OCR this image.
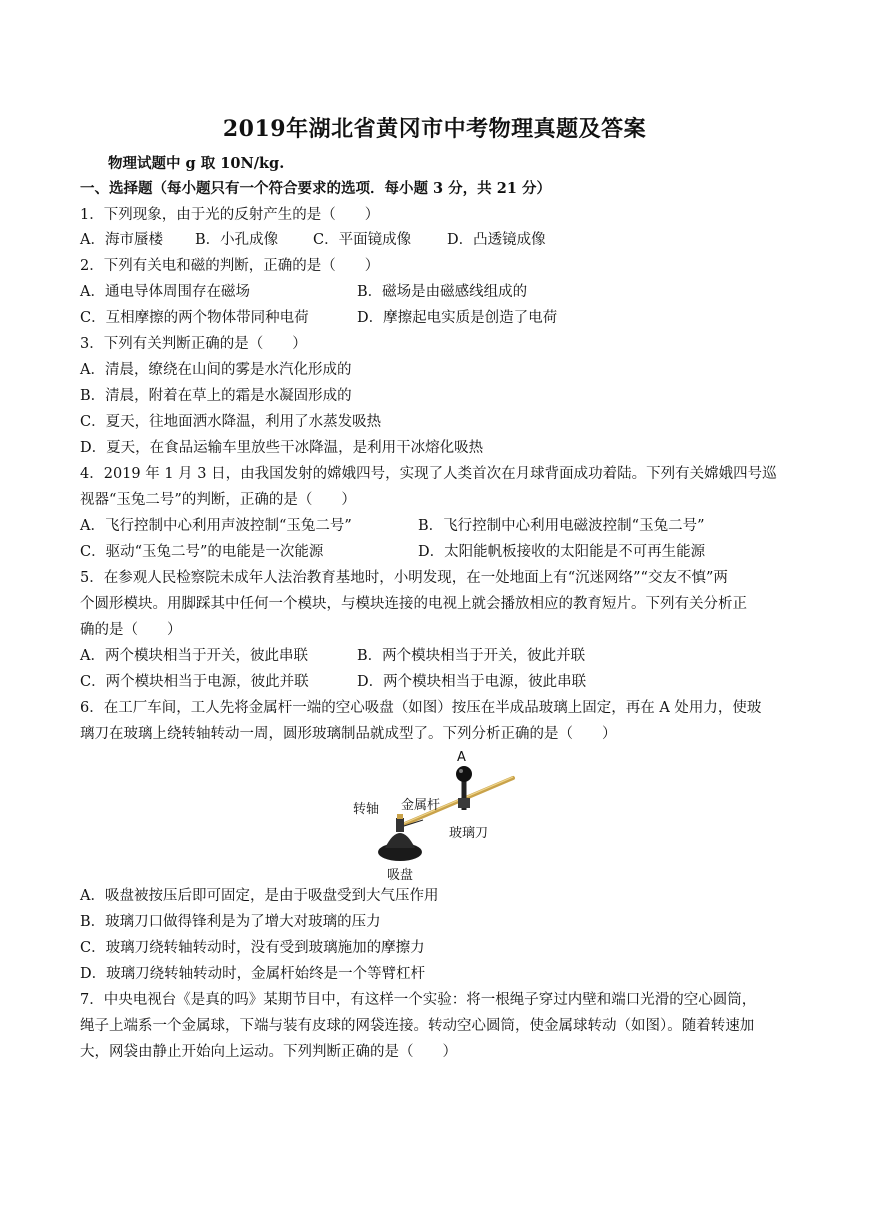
2019年湖北省黄冈市中考物理真题及答案
物理试题中 g 取 10N/kg.
一、选择题（每小题只有一个符合要求的选项．每小题 3 分，共 21 分）
1．下列现象，由于光的反射产生的是（　　）
A．海市蜃楼 B．小孔成像 C．平面镜成像 D．凸透镜成像
2．下列有关电和磁的判断，正确的是（　　）
A．通电导体周围存在磁场	B．磁场是由磁感线组成的
C．互相摩擦的两个物体带同种电荷	D．摩擦起电实质是创造了电荷
3．下列有关判断正确的是（　　）
A．清晨，缭绕在山间的雾是水汽化形成的
B．清晨，附着在草上的霜是水凝固形成的
C．夏天，往地面洒水降温，利用了水蒸发吸热
D．夏天，在食品运输车里放些干冰降温，是利用干冰熔化吸热
4．2019 年 1 月 3 日，由我国发射的嫦娥四号，实现了人类首次在月球背面成功着陆。下列有关嫦娥四号巡
视器“玉兔二号”的判断，正确的是（　　）
A．飞行控制中心利用声波控制“玉兔二号”	B．飞行控制中心利用电磁波控制“玉兔二号”
C．驱动“玉兔二号”的电能是一次能源	D．太阳能帆板接收的太阳能是不可再生能源
5．在参观人民检察院未成年人法治教育基地时，小明发现，在一处地面上有“沉迷网络”“交友不慎”两
个圆形模块。用脚踩其中任何一个模块，与模块连接的电视上就会播放相应的教育短片。下列有关分析正
确的是（　　）
A．两个模块相当于开关，彼此串联	B．两个模块相当于开关，彼此并联
C．两个模块相当于电源，彼此并联	D．两个模块相当于电源，彼此串联
6．在工厂车间，工人先将金属杆一端的空心吸盘（如图）按压在半成品玻璃上固定，再在 A 处用力，使玻
璃刀在玻璃上绕转轴转动一周，圆形玻璃制品就成型了。下列分析正确的是（　　）
A
转轴 金属杆
玻璃刀
吸盘
A．吸盘被按压后即可固定，是由于吸盘受到大气压作用
B．玻璃刀口做得锋利是为了增大对玻璃的压力
C．玻璃刀绕转轴转动时，没有受到玻璃施加的摩擦力
D．玻璃刀绕转轴转动时，金属杆始终是一个等臂杠杆
7．中央电视台《是真的吗》某期节目中，有这样一个实验：将一根绳子穿过内壁和端口光滑的空心圆筒，
绳子上端系一个金属球，下端与装有皮球的网袋连接。转动空心圆筒，使金属球转动（如图）。随着转速加
大，网袋由静止开始向上运动。下列判断正确的是（　　）
